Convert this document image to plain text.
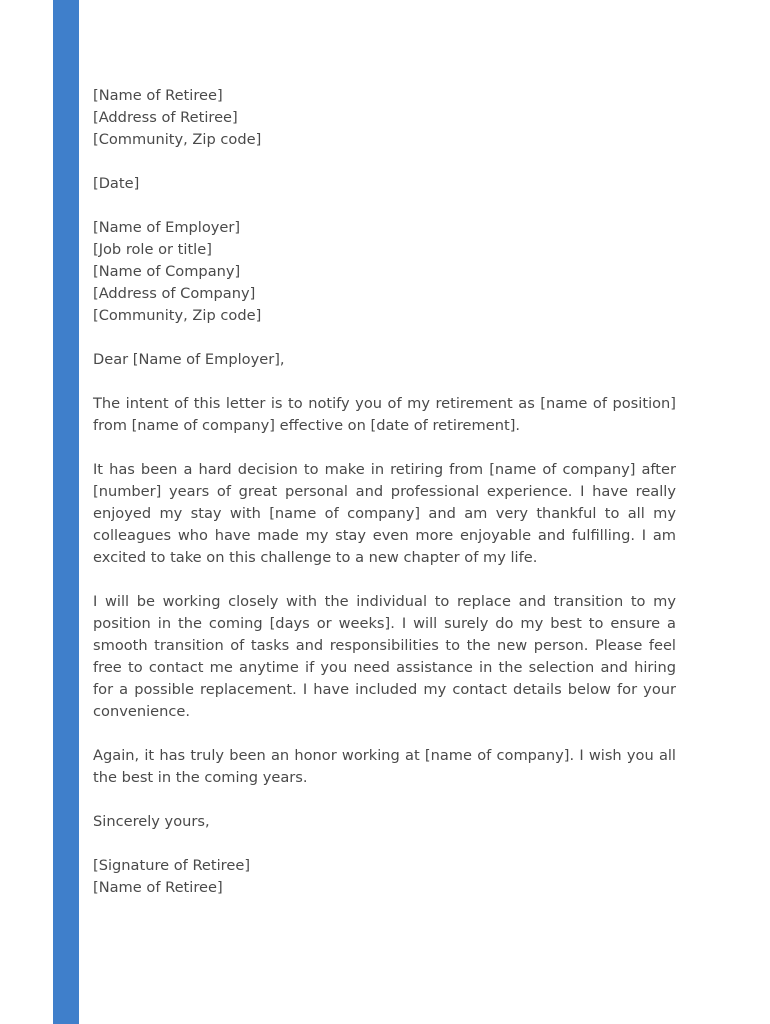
[Name of Retiree]
[Address of Retiree]
[Community, Zip code]
[Date]
[Name of Employer]
[Job role or title]
[Name of Company]
[Address of Company]
[Community, Zip code]
Dear [Name of Employer],

The intent of this letter is to notify you of my retirement as [name of position] from [name of company] effective on [date of retirement].

It has been a hard decision to make in retiring from [name of company] after [number] years of great personal and professional experience. I have really enjoyed my stay with [name of company] and am very thankful to all my colleagues who have made my stay even more enjoyable and fulfilling. I am excited to take on this challenge to a new chapter of my life.

I will be working closely with the individual to replace and transition to my position in the coming [days or weeks]. I will surely do my best to ensure a smooth transition of tasks and responsibilities to the new person. Please feel free to contact me anytime if you need assistance in the selection and hiring for a possible replacement. I have included my contact details below for your convenience.

Again, it has truly been an honor working at [name of company]. I wish you all the best in the coming years.

Sincerely yours,
[Signature of Retiree]
[Name of Retiree]
